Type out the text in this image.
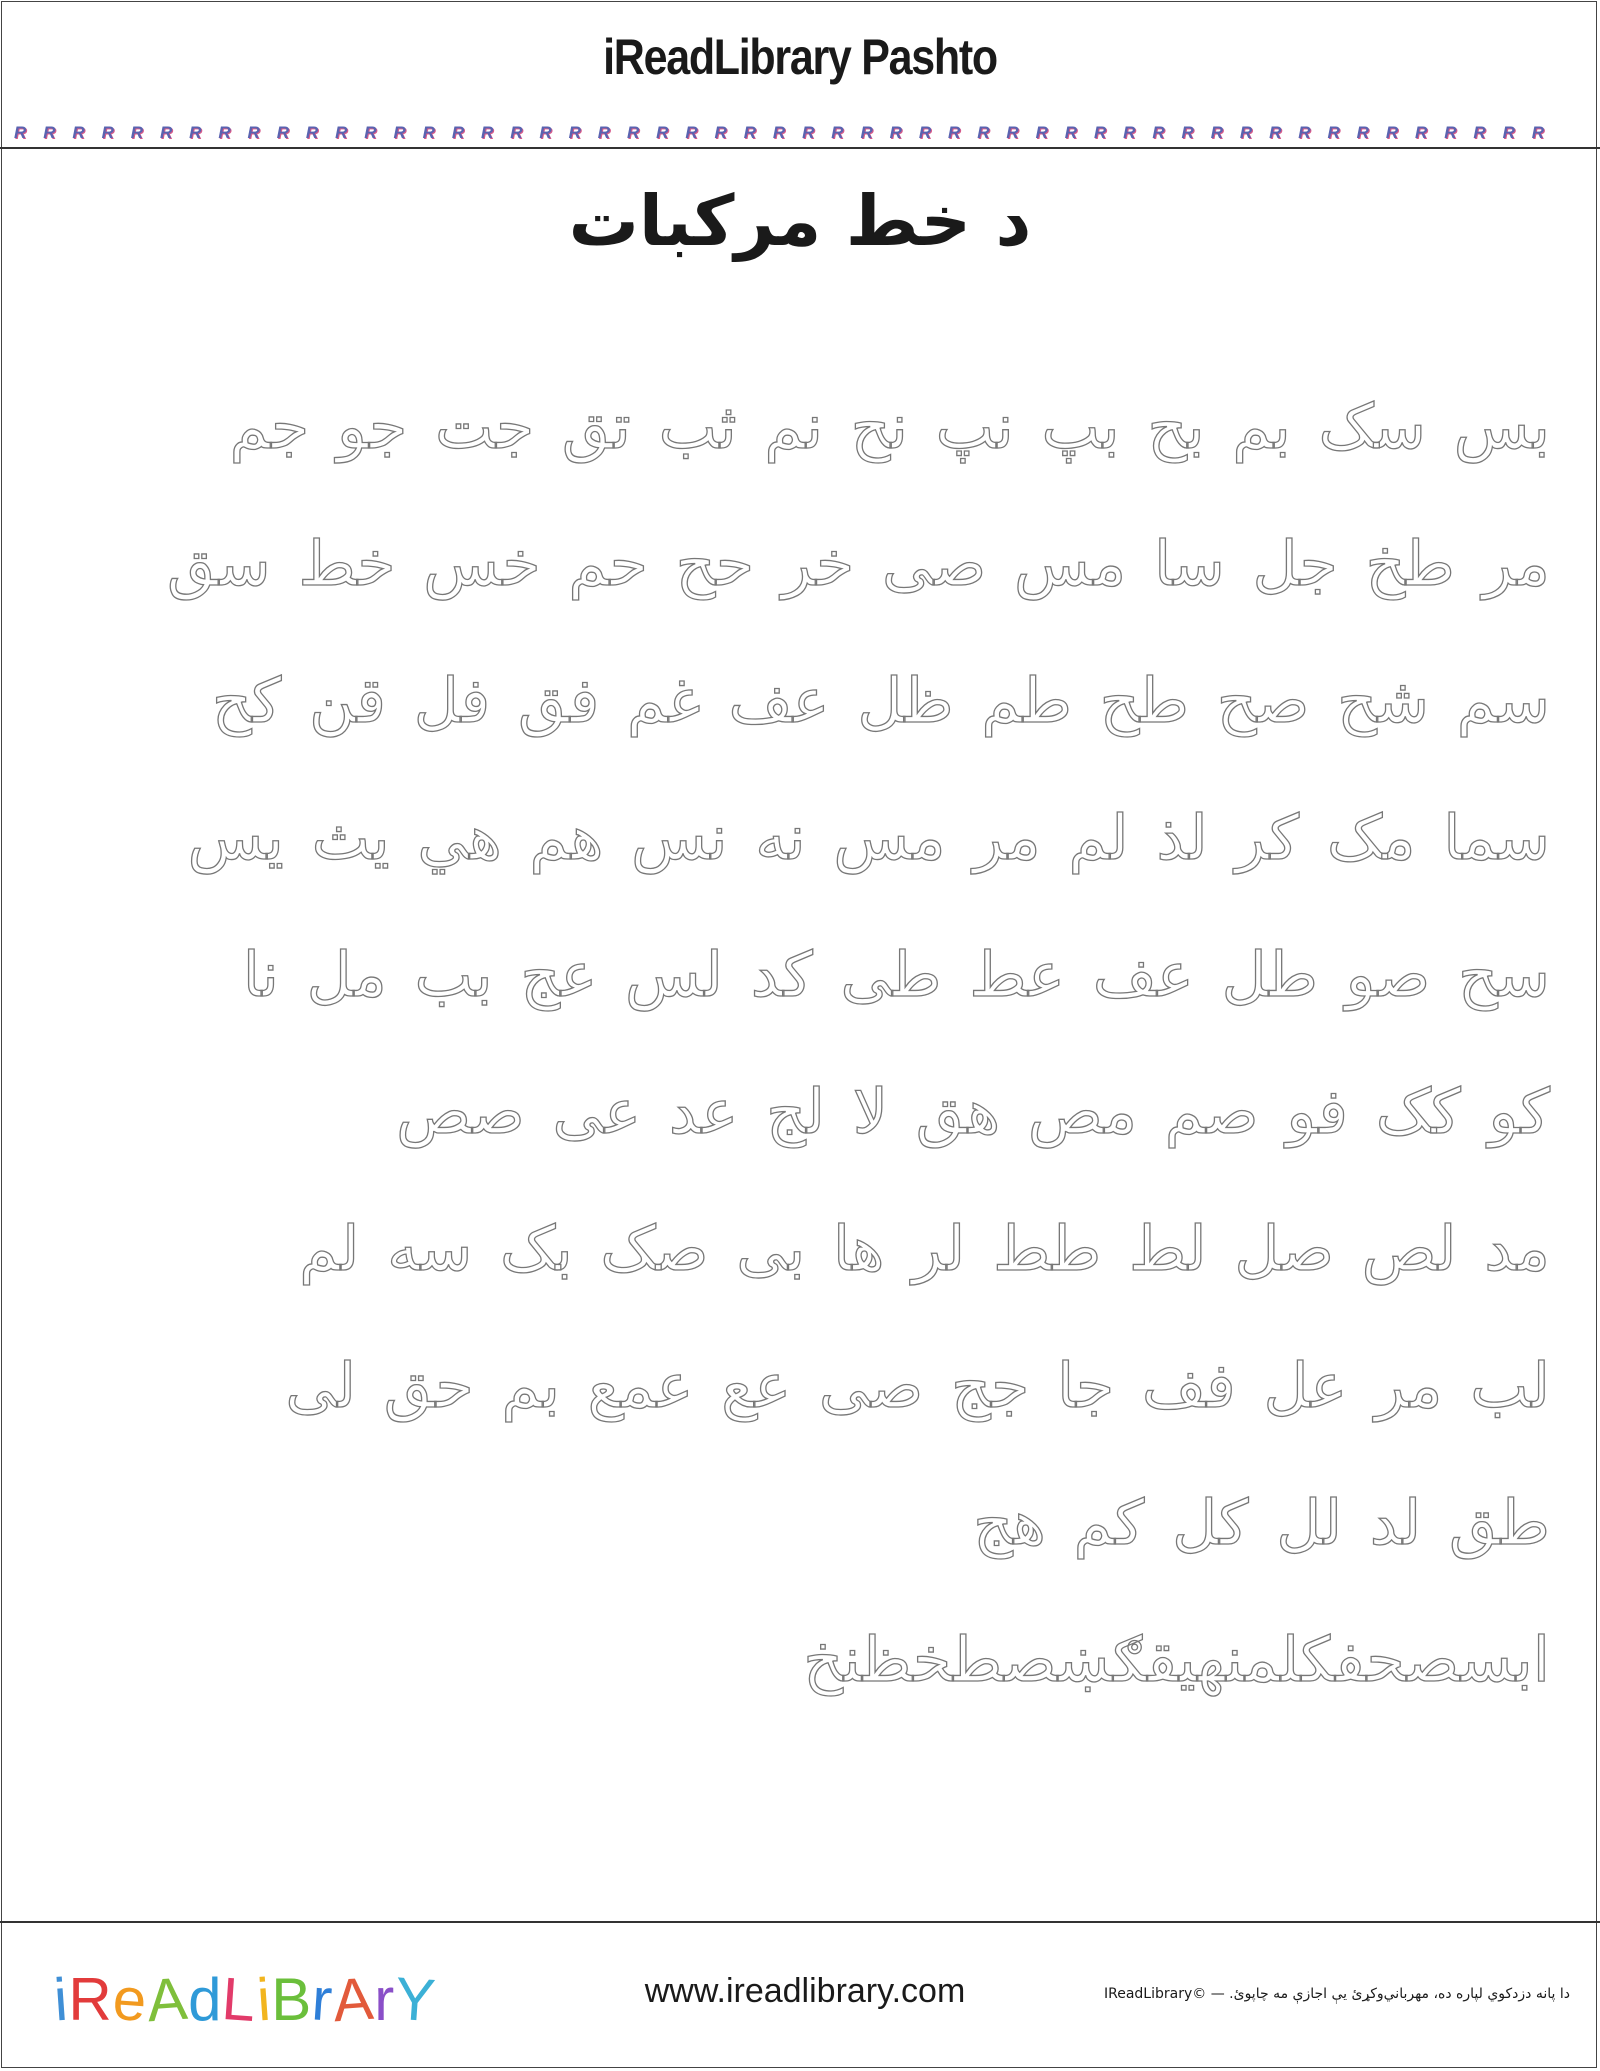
iReadLibrary Pashto
R R R R R R R R R R R R R R R R R R R R R R R R R R R R R R R R R R R R R R R R R R R R R R R R R R R R R
د خط مرکبات
بس سک بم بح بپ نپ نح نم ثب تق جت جو جم
مر طخ جل سا مس صی خر حح حم خس خط سق
سم شح صح طح طم ظل عف غم فق فل قن کح
سما مک کر لذ لم مر مس نه نس هم هي يث يس
سح صو طل عف عط طی کد لس عج بب مل نا
کو کک فو صم مص هق لا لج عد عی صص
مد لص صل لط طط لر ها بی صک بک سه لم
لب مر عل فف جا جج صی عع عمع بم حق لی
طق لد لل کل کم هج
ابسصحفکلمنهيقګښصطخظنخ
iReAdLiBrArY	www.ireadlibrary.com	دا پانه دزدکوي لپاره ده، مهرباني‌وکړئ یې اجازې مه چاپوئ. — ©IReadLibrary
